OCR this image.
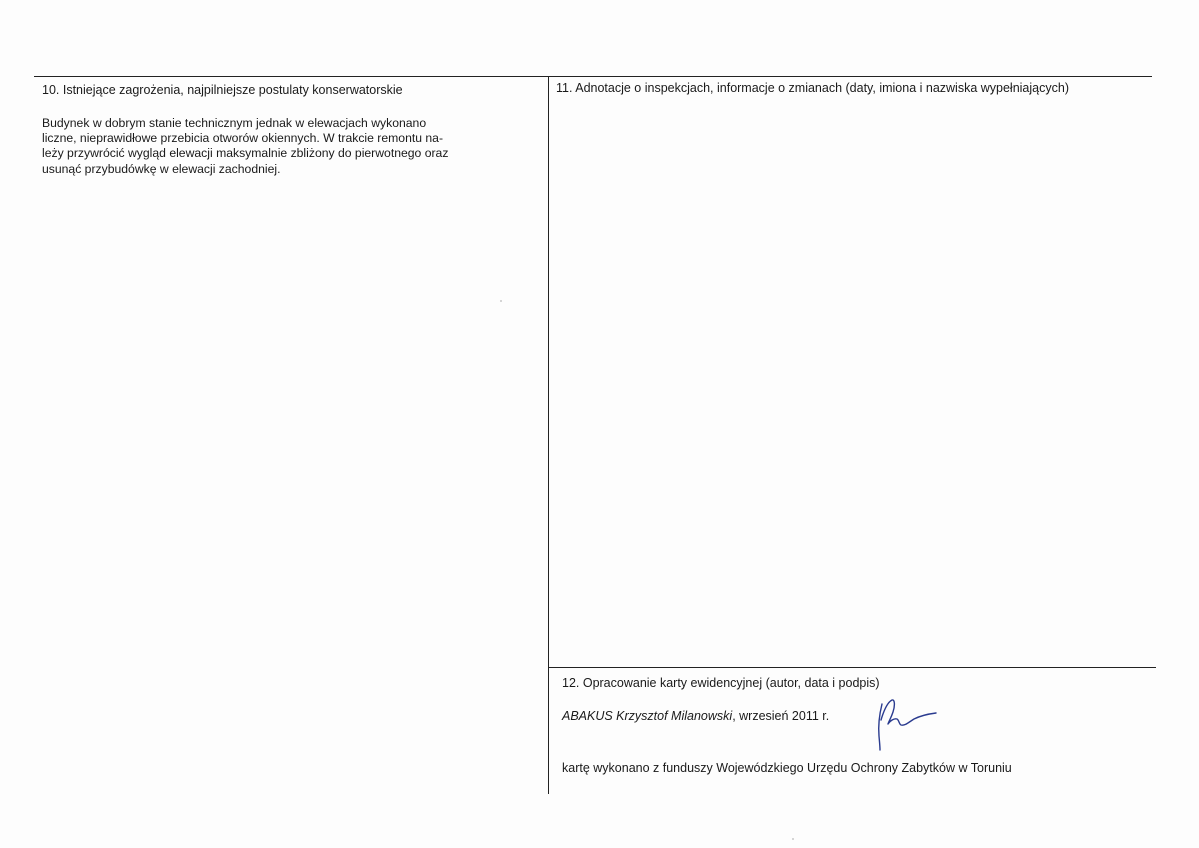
10. Istniejące zagrożenia, najpilniejsze postulaty konserwatorskie
Budynek w dobrym stanie technicznym jednak w elewacjach wykonano
liczne, nieprawidłowe przebicia otworów okiennych. W trakcie remontu na-
leży przywrócić wygląd elewacji maksymalnie zbliżony do pierwotnego oraz
usunąć przybudówkę w elewacji zachodniej.
11. Adnotacje o inspekcjach, informacje o zmianach (daty, imiona i nazwiska wypełniających)
12. Opracowanie karty ewidencyjnej (autor, data i podpis)
ABAKUS Krzysztof Milanowski, wrzesień 2011 r.
kartę wykonano z funduszy Wojewódzkiego Urzędu Ochrony Zabytków w Toruniu
